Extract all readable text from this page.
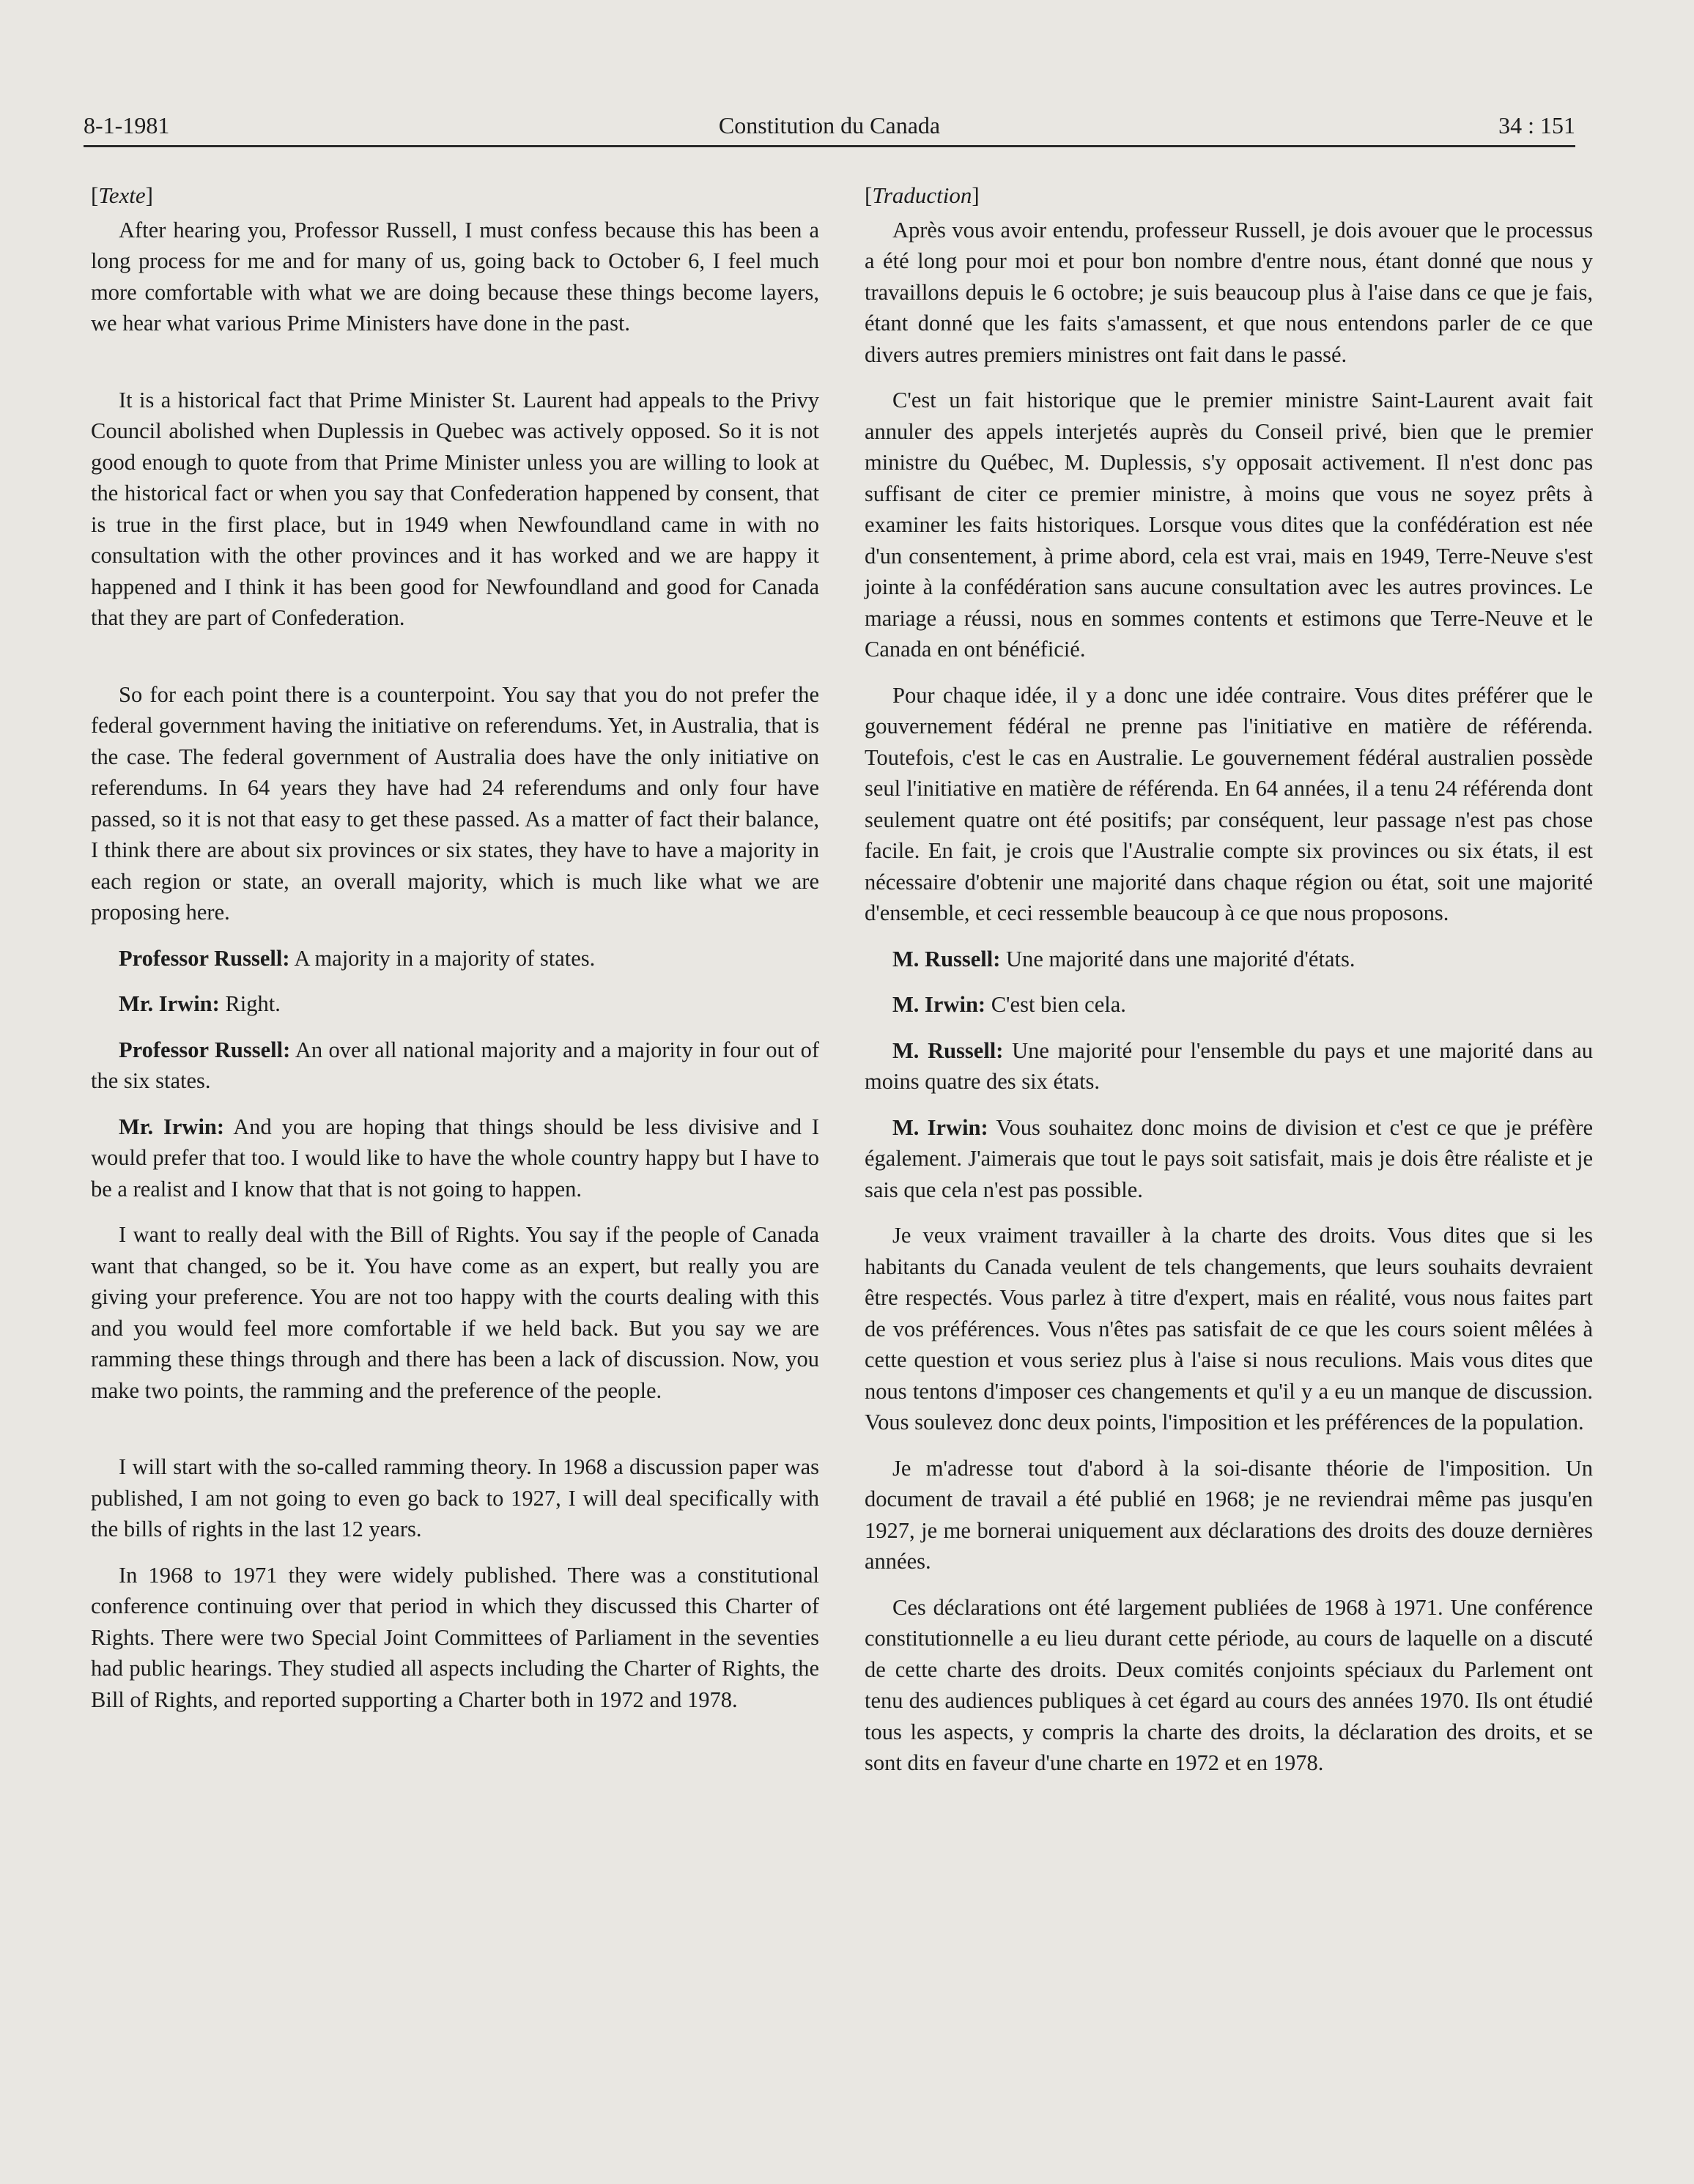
8-1-1981	Constitution du Canada	34 : 151
[Texte]

After hearing you, Professor Russell, I must confess because this has been a long process for me and for many of us, going back to October 6, I feel much more comfortable with what we are doing because these things become layers, we hear what various Prime Ministers have done in the past.

It is a historical fact that Prime Minister St. Laurent had appeals to the Privy Council abolished when Duplessis in Quebec was actively opposed. So it is not good enough to quote from that Prime Minister unless you are willing to look at the historical fact or when you say that Confederation happened by consent, that is true in the first place, but in 1949 when Newfoundland came in with no consultation with the other provinces and it has worked and we are happy it happened and I think it has been good for Newfoundland and good for Canada that they are part of Confederation.

So for each point there is a counterpoint. You say that you do not prefer the federal government having the initiative on referendums. Yet, in Australia, that is the case. The federal government of Australia does have the only initiative on referendums. In 64 years they have had 24 referendums and only four have passed, so it is not that easy to get these passed. As a matter of fact their balance, I think there are about six provinces or six states, they have to have a majority in each region or state, an overall majority, which is much like what we are proposing here.

Professor Russell: A majority in a majority of states.

Mr. Irwin: Right.

Professor Russell: An over all national majority and a majority in four out of the six states.

Mr. Irwin: And you are hoping that things should be less divisive and I would prefer that too. I would like to have the whole country happy but I have to be a realist and I know that that is not going to happen.

I want to really deal with the Bill of Rights. You say if the people of Canada want that changed, so be it. You have come as an expert, but really you are giving your preference. You are not too happy with the courts dealing with this and you would feel more comfortable if we held back. But you say we are ramming these things through and there has been a lack of discussion. Now, you make two points, the ramming and the preference of the people.

I will start with the so-called ramming theory. In 1968 a discussion paper was published, I am not going to even go back to 1927, I will deal specifically with the bills of rights in the last 12 years.

In 1968 to 1971 they were widely published. There was a constitutional conference continuing over that period in which they discussed this Charter of Rights. There were two Special Joint Committees of Parliament in the seventies had public hearings. They studied all aspects including the Charter of Rights, the Bill of Rights, and reported supporting a Charter both in 1972 and 1978.

[Traduction]

Après vous avoir entendu, professeur Russell, je dois avouer que le processus a été long pour moi et pour bon nombre d'entre nous, étant donné que nous y travaillons depuis le 6 octobre; je suis beaucoup plus à l'aise dans ce que je fais, étant donné que les faits s'amassent, et que nous entendons parler de ce que divers autres premiers ministres ont fait dans le passé.

C'est un fait historique que le premier ministre Saint-Laurent avait fait annuler des appels interjetés auprès du Conseil privé, bien que le premier ministre du Québec, M. Duplessis, s'y opposait activement. Il n'est donc pas suffisant de citer ce premier ministre, à moins que vous ne soyez prêts à examiner les faits historiques. Lorsque vous dites que la confédération est née d'un consentement, à prime abord, cela est vrai, mais en 1949, Terre-Neuve s'est jointe à la confédération sans aucune consultation avec les autres provinces. Le mariage a réussi, nous en sommes contents et estimons que Terre-Neuve et le Canada en ont bénéficié.

Pour chaque idée, il y a donc une idée contraire. Vous dites préférer que le gouvernement fédéral ne prenne pas l'initiative en matière de référenda. Toutefois, c'est le cas en Australie. Le gouvernement fédéral australien possède seul l'initiative en matière de référenda. En 64 années, il a tenu 24 référenda dont seulement quatre ont été positifs; par conséquent, leur passage n'est pas chose facile. En fait, je crois que l'Australie compte six provinces ou six états, il est nécessaire d'obtenir une majorité dans chaque région ou état, soit une majorité d'ensemble, et ceci ressemble beaucoup à ce que nous proposons.

M. Russell: Une majorité dans une majorité d'états.

M. Irwin: C'est bien cela.

M. Russell: Une majorité pour l'ensemble du pays et une majorité dans au moins quatre des six états.

M. Irwin: Vous souhaitez donc moins de division et c'est ce que je préfère également. J'aimerais que tout le pays soit satisfait, mais je dois être réaliste et je sais que cela n'est pas possible.

Je veux vraiment travailler à la charte des droits. Vous dites que si les habitants du Canada veulent de tels changements, que leurs souhaits devraient être respectés. Vous parlez à titre d'expert, mais en réalité, vous nous faites part de vos préférences. Vous n'êtes pas satisfait de ce que les cours soient mêlées à cette question et vous seriez plus à l'aise si nous reculions. Mais vous dites que nous tentons d'imposer ces changements et qu'il y a eu un manque de discussion. Vous soulevez donc deux points, l'imposition et les préférences de la population.

Je m'adresse tout d'abord à la soi-disante théorie de l'imposition. Un document de travail a été publié en 1968; je ne reviendrai même pas jusqu'en 1927, je me bornerai uniquement aux déclarations des droits des douze dernières années.

Ces déclarations ont été largement publiées de 1968 à 1971. Une conférence constitutionnelle a eu lieu durant cette période, au cours de laquelle on a discuté de cette charte des droits. Deux comités conjoints spéciaux du Parlement ont tenu des audiences publiques à cet égard au cours des années 1970. Ils ont étudié tous les aspects, y compris la charte des droits, la déclaration des droits, et se sont dits en faveur d'une charte en 1972 et en 1978.
